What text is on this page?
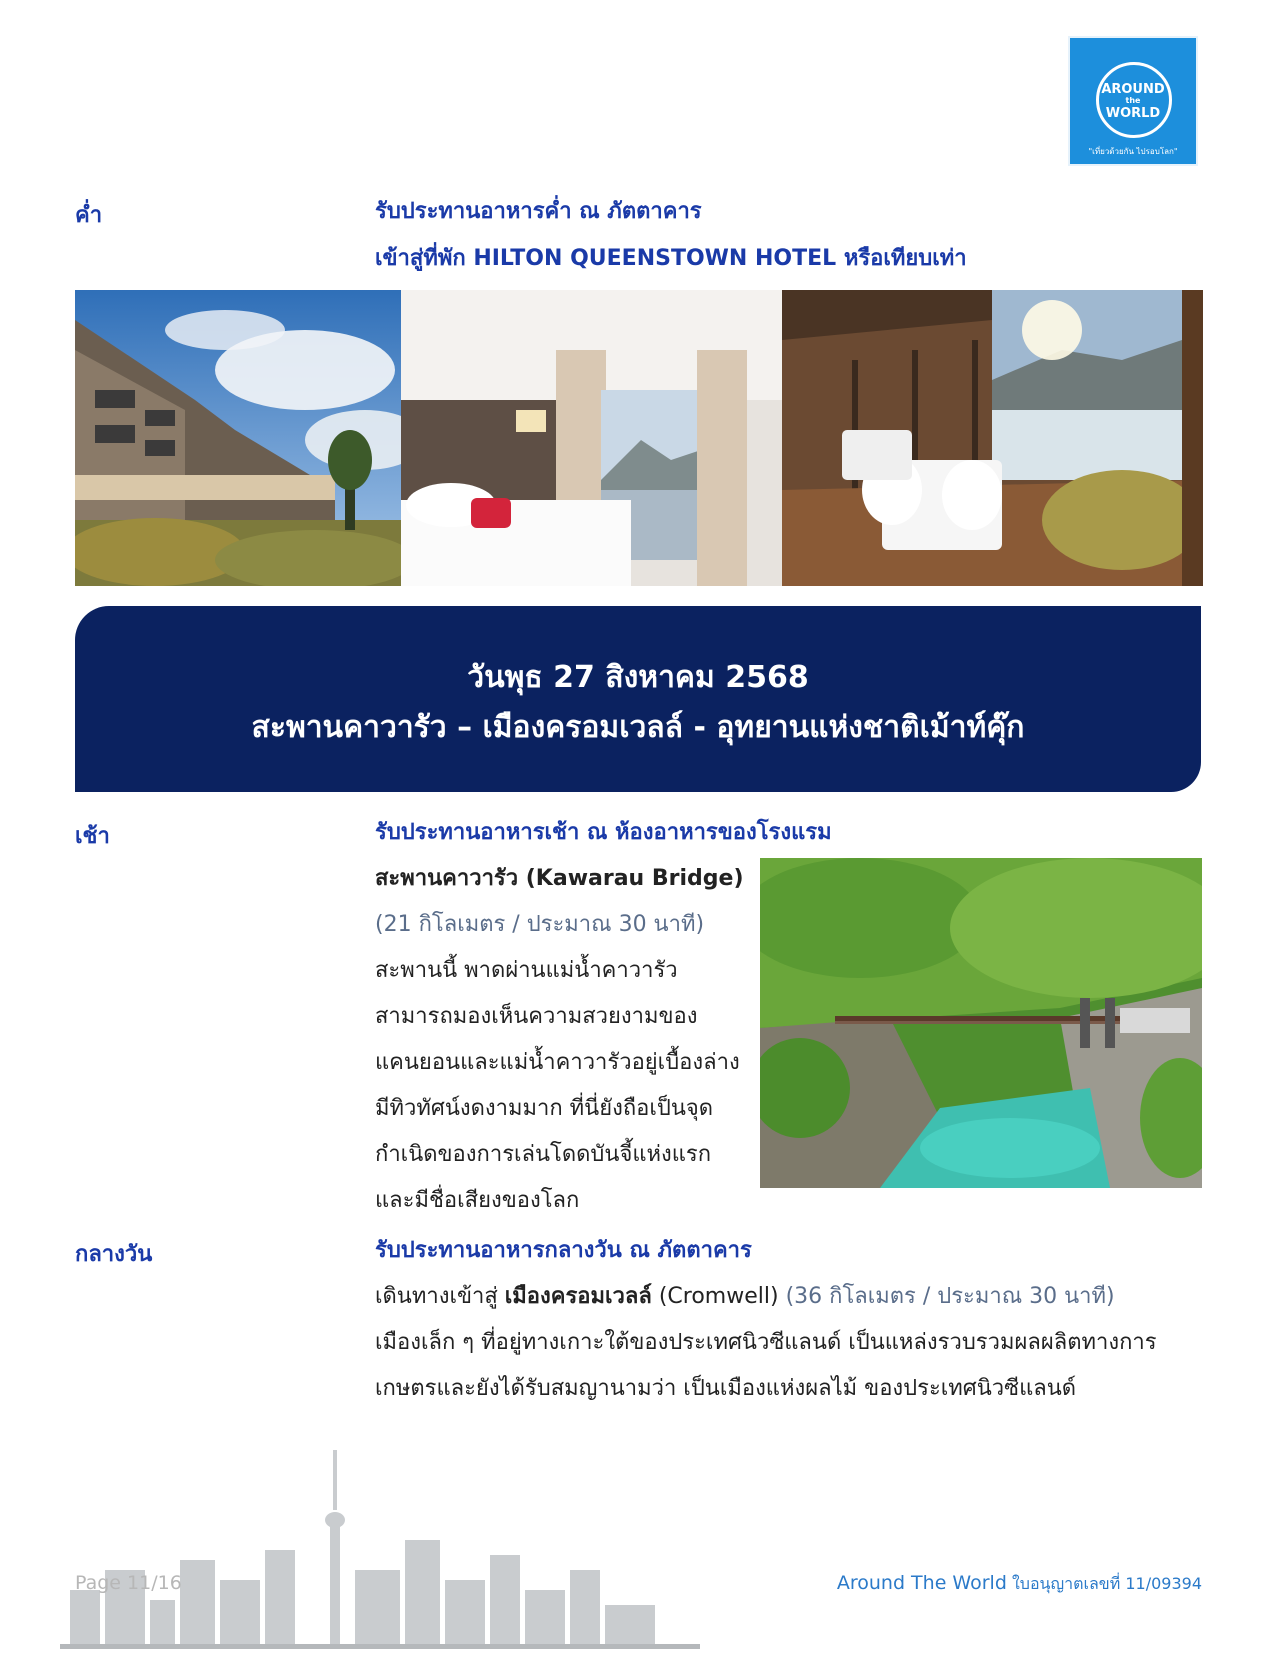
AROUND
the
WORLD
"เที่ยวด้วยกัน ไปรอบโลก"
ค่ำ	รับประทานอาหารค่ำ ณ ภัตตาคาร
เข้าสู่ที่พัก HILTON QUEENSTOWN HOTEL หรือเทียบเท่า
วันพุธ 27 สิงหาคม 2568
สะพานคาวารัว – เมืองครอมเวลล์ - อุทยานแห่งชาติเม้าท์คุ๊ก
เช้า	รับประทานอาหารเช้า ณ ห้องอาหารของโรงแรม
สะพานคาวารัว (Kawarau Bridge)
(21 กิโลเมตร / ประมาณ 30 นาที)
สะพานนี้ พาดผ่านแม่น้ำคาวารัว
สามารถมองเห็นความสวยงามของ
แคนยอนและแม่น้ำคาวารัวอยู่เบื้องล่าง
มีทิวทัศน์งดงามมาก ที่นี่ยังถือเป็นจุด
กำเนิดของการเล่นโดดบันจี้แห่งแรก
และมีชื่อเสียงของโลก
กลางวัน	รับประทานอาหารกลางวัน ณ ภัตตาคาร
เดินทางเข้าสู่ เมืองครอมเวลล์ (Cromwell) (36 กิโลเมตร / ประมาณ 30 นาที)
เมืองเล็ก ๆ ที่อยู่ทางเกาะใต้ของประเทศนิวซีแลนด์ เป็นแหล่งรวบรวมผลผลิตทางการ
เกษตรและยังได้รับสมญานามว่า เป็นเมืองแห่งผลไม้ ของประเทศนิวซีแลนด์
Page 11/16	Around The World ใบอนุญาตเลขที่ 11/09394
